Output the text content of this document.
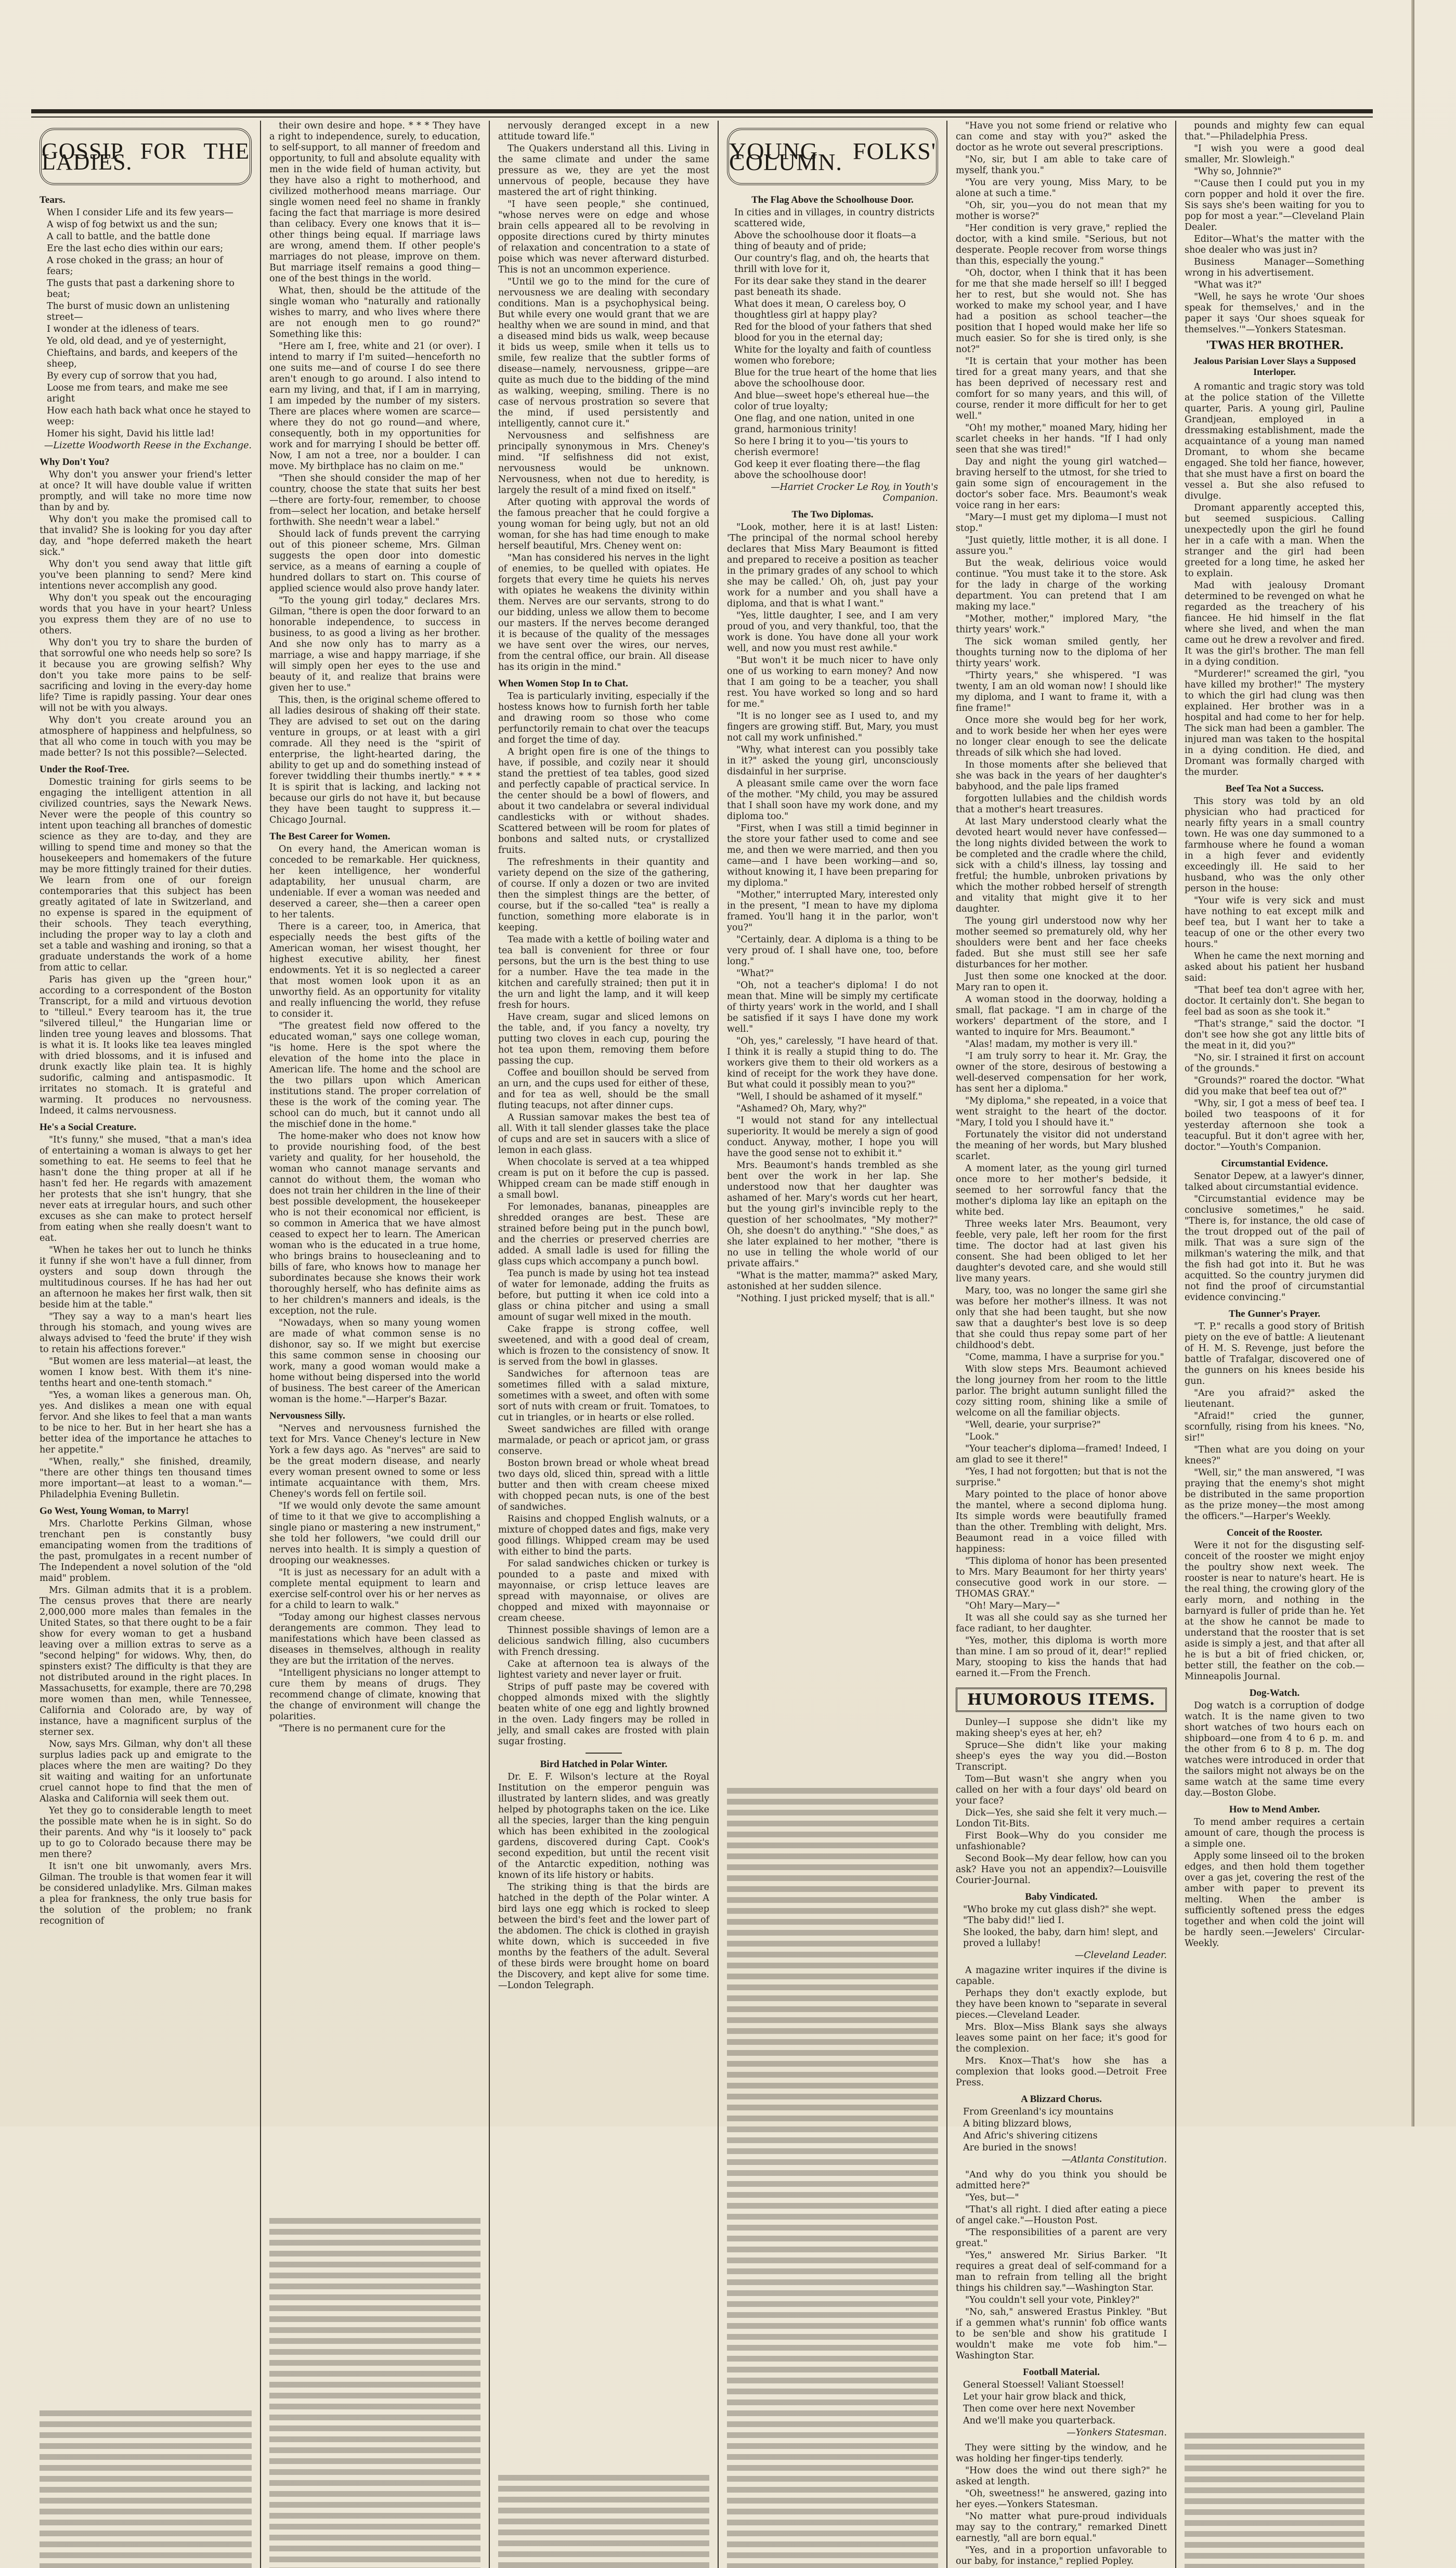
GOSSIP FOR THE LADIES.
Tears.

When I consider Life and its few years—

A wisp of fog betwixt us and the sun;

A call to battle, and the battle done

Ere the last echo dies within our ears;

A rose choked in the grass; an hour of fears;

The gusts that past a darkening shore to beat;

The burst of music down an unlistening street—

I wonder at the idleness of tears.

Ye old, old dead, and ye of yesternight,

Chieftains, and bards, and keepers of the sheep,

By every cup of sorrow that you had,

Loose me from tears, and make me see aright

How each hath back what once he stayed to weep:

Homer his sight, David his little lad!

—Lizette Woodworth Reese in the Exchange.

Why Don't You?

Why don't you answer your friend's letter at once? It will have double value if written promptly, and will take no more time now than by and by.

Why don't you make the promised call to that invalid? She is looking for you day after day, and "hope deferred maketh the heart sick."

Why don't you send away that little gift you've been planning to send? Mere kind intentions never accomplish any good.

Why don't you speak out the encouraging words that you have in your heart? Unless you express them they are of no use to others.

Why don't you try to share the burden of that sorrowful one who needs help so sore? Is it because you are growing selfish? Why don't you take more pains to be self-sacrificing and loving in the every-day home life? Time is rapidly passing. Your dear ones will not be with you always.

Why don't you create around you an atmosphere of happiness and helpfulness, so that all who come in touch with you may be made better? Is not this possible?—Selected.

Under the Roof-Tree.

Domestic training for girls seems to be engaging the intelligent attention in all civilized countries, says the Newark News. Never were the people of this country so intent upon teaching all branches of domestic science as they are to-day, and they are willing to spend time and money so that the housekeepers and homemakers of the future may be more fittingly trained for their duties. We learn from one of our foreign contemporaries that this subject has been greatly agitated of late in Switzerland, and no expense is spared in the equipment of their schools. They teach everything, including the proper way to lay a cloth and set a table and washing and ironing, so that a graduate understands the work of a home from attic to cellar.

Paris has given up the "green hour," according to a correspondent of the Boston Transcript, for a mild and virtuous devotion to "tilleul." Every tearoom has it, the true "silvered tilleul," the Hungarian lime or linden tree young leaves and blossoms. That is what it is. It looks like tea leaves mingled with dried blossoms, and it is infused and drunk exactly like plain tea. It is highly sudorific, calming and antispasmodic. It irritates no stomach. It is grateful and warming. It produces no nervousness. Indeed, it calms nervousness.

He's a Social Creature.

"It's funny," she mused, "that a man's idea of entertaining a woman is always to get her something to eat. He seems to feel that he hasn't done the thing proper at all if he hasn't fed her. He regards with amazement her protests that she isn't hungry, that she never eats at irregular hours, and such other excuses as she can make to protect herself from eating when she really doesn't want to eat.

"When he takes her out to lunch he thinks it funny if she won't have a full dinner, from oysters and soup down through the multitudinous courses. If he has had her out an afternoon he makes her first walk, then sit beside him at the table."

"They say a way to a man's heart lies through his stomach, and young wives are always advised to 'feed the brute' if they wish to retain his affections forever."

"But women are less material—at least, the women I know best. With them it's nine-tenths heart and one-tenth stomach."

"Yes, a woman likes a generous man. Oh, yes. And dislikes a mean one with equal fervor. And she likes to feel that a man wants to be nice to her. But in her heart she has a better idea of the importance he attaches to her appetite."

"When, really," she finished, dreamily, "there are other things ten thousand times more important—at least to a woman."—Philadelphia Evening Bulletin.

Go West, Young Woman, to Marry!

Mrs. Charlotte Perkins Gilman, whose trenchant pen is constantly busy emancipating women from the traditions of the past, promulgates in a recent number of The Independent a novel solution of the "old maid" problem.

Mrs. Gilman admits that it is a problem. The census proves that there are nearly 2,000,000 more males than females in the United States, so that there ought to be a fair show for every woman to get a husband leaving over a million extras to serve as a "second helping" for widows. Why, then, do spinsters exist? The difficulty is that they are not distributed around in the right places. In Massachusetts, for example, there are 70,298 more women than men, while Tennessee, California and Colorado are, by way of instance, have a magnificent surplus of the sterner sex.

Now, says Mrs. Gilman, why don't all these surplus ladies pack up and emigrate to the places where the men are waiting? Do they sit waiting and waiting for an unfortunate cruel cannot hope to find that the men of Alaska and California will seek them out.

Yet they go to considerable length to meet the possible mate when he is in sight. So do their parents. And why "is it loosely to" pack up to go to Colorado because there may be men there?

It isn't one bit unwomanly, avers Mrs. Gilman. The trouble is that women fear it will be considered unladylike. Mrs. Gilman makes a plea for frankness, the only true basis for the solution of the problem; no frank recognition of

their own desire and hope. * * * They have a right to independence, surely, to education, to self-support, to all manner of freedom and opportunity, to full and absolute equality with men in the wide field of human activity, but they have also a right to motherhood, and civilized motherhood means marriage. Our single women need feel no shame in frankly facing the fact that marriage is more desired than celibacy. Every one knows that it is—other things being equal. If marriage laws are wrong, amend them. If other people's marriages do not please, improve on them. But marriage itself remains a good thing—one of the best things in the world.

What, then, should be the attitude of the single woman who "naturally and rationally wishes to marry, and who lives where there are not enough men to go round?" Something like this:

"Here am I, free, white and 21 (or over). I intend to marry if I'm suited—henceforth no one suits me—and of course I do see there aren't enough to go around. I also intend to earn my living, and that, if I am in marrying, I am impeded by the number of my sisters. There are places where women are scarce—where they do not go round—and where, consequently, both in my opportunities for work and for marrying I should be better off. Now, I am not a tree, nor a boulder. I can move. My birthplace has no claim on me."

"Then she should consider the map of her country, choose the state that suits her best—there are forty-four, remember, to choose from—select her location, and betake herself forthwith. She needn't wear a label."

Should lack of funds prevent the carrying out of this pioneer scheme, Mrs. Gilman suggests the open door into domestic service, as a means of earning a couple of hundred dollars to start on. This course of applied science would also prove handy later.

"To the young girl today," declares Mrs. Gilman, "there is open the door forward to an honorable independence, to success in business, to as good a living as her brother. And she now only has to marry as a marriage, a wise and happy marriage, if she will simply open her eyes to the use and beauty of it, and realize that brains were given her to use."

This, then, is the original scheme offered to all ladies desirous of shaking off their state. They are advised to set out on the daring venture in groups, or at least with a girl comrade. All they need is the "spirit of enterprise, the light-hearted daring, the ability to get up and do something instead of forever twiddling their thumbs inertly." * * * It is spirit that is lacking, and lacking not because our girls do not have it, but because they have been taught to suppress it.—Chicago Journal.

The Best Career for Women.

On every hand, the American woman is conceded to be remarkable. Her quickness, her keen intelligence, her wonderful adaptability, her unusual charm, are undeniable. If ever a woman was needed and deserved a career, she—then a career open to her talents.

There is a career, too, in America, that especially needs the best gifts of the American woman, her wisest thought, her highest executive ability, her finest endowments. Yet it is so neglected a career that most women look upon it as an unworthy field. As an opportunity for vitality and really influencing the world, they refuse to consider it.

"The greatest field now offered to the educated woman," says one college woman, "is home. Here is the spot where the elevation of the home into the place in American life. The home and the school are the two pillars upon which American institutions stand. The proper correlation of these is the work of the coming year. The school can do much, but it cannot undo all the mischief done in the home."

The home-maker who does not know how to provide nourishing food, of the best variety and quality, for her household, the woman who cannot manage servants and cannot do without them, the woman who does not train her children in the line of their best possible development, the housekeeper who is not their economical nor efficient, is so common in America that we have almost ceased to expect her to learn. The American woman who is the educated in a true home, who brings brains to housecleaning and to bills of fare, who knows how to manage her subordinates because she knows their work thoroughly herself, who has definite aims as to her children's manners and ideals, is the exception, not the rule.

"Nowadays, when so many young women are made of what common sense is no dishonor, say so. If we might but exercise this same common sense in choosing our work, many a good woman would make a home without being dispersed into the world of business. The best career of the American woman is the home."—Harper's Bazar.

Nervousness Silly.

"Nerves and nervousness furnished the text for Mrs. Vance Cheney's lecture in New York a few days ago. As "nerves" are said to be the great modern disease, and nearly every woman present owned to some or less intimate acquaintance with them, Mrs. Cheney's words fell on fertile soil.

"If we would only devote the same amount of time to it that we give to accomplishing a single piano or mastering a new instrument," she told her followers, "we could drill our nerves into health. It is simply a question of drooping our weaknesses.

"It is just as necessary for an adult with a complete mental equipment to learn and exercise self-control over his or her nerves as for a child to learn to walk."

"Today among our highest classes nervous derangements are common. They lead to manifestations which have been classed as diseases in themselves, although in reality they are but the irritation of the nerves.

"Intelligent physicians no longer attempt to cure them by means of drugs. They recommend change of climate, knowing that the change of environment will change the polarities.

"There is no permanent cure for the

nervously deranged except in a new attitude toward life."

The Quakers understand all this. Living in the same climate and under the same pressure as we, they are yet the most unnervous of people, because they have mastered the art of right thinking.

"I have seen people," she continued, "whose nerves were on edge and whose brain cells appeared all to be revolving in opposite directions cured by thirty minutes of relaxation and concentration to a state of poise which was never afterward disturbed. This is not an uncommon experience.

"Until we go to the mind for the cure of nervousness we are dealing with secondary conditions. Man is a psychophysical being. But while every one would grant that we are healthy when we are sound in mind, and that a diseased mind bids us walk, weep because it bids us weep, smile when it tells us to smile, few realize that the subtler forms of disease—namely, nervousness, grippe—are quite as much due to the bidding of the mind as walking, weeping, smiling. There is no case of nervous prostration so severe that the mind, if used persistently and intelligently, cannot cure it."

Nervousness and selfishness are principally synonymous in Mrs. Cheney's mind. "If selfishness did not exist, nervousness would be unknown. Nervousness, when not due to heredity, is largely the result of a mind fixed on itself."

After quoting with approval the words of the famous preacher that he could forgive a young woman for being ugly, but not an old woman, for she has had time enough to make herself beautiful, Mrs. Cheney went on:

"Man has considered his nerves in the light of enemies, to be quelled with opiates. He forgets that every time he quiets his nerves with opiates he weakens the divinity within them. Nerves are our servants, strong to do our bidding, unless we allow them to become our masters. If the nerves become deranged it is because of the quality of the messages we have sent over the wires, our nerves, from the central office, our brain. All disease has its origin in the mind."

When Women Stop In to Chat.

Tea is particularly inviting, especially if the hostess knows how to furnish forth her table and drawing room so those who come perfunctorily remain to chat over the teacups and forget the time of day.

A bright open fire is one of the things to have, if possible, and cozily near it should stand the prettiest of tea tables, good sized and perfectly capable of practical service. In the center should be a bowl of flowers, and about it two candelabra or several individual candlesticks with or without shades. Scattered between will be room for plates of bonbons and salted nuts, or crystallized fruits.

The refreshments in their quantity and variety depend on the size of the gathering, of course. If only a dozen or two are invited then the simplest things are the better, of course, but if the so-called "tea" is really a function, something more elaborate is in keeping.

Tea made with a kettle of boiling water and tea ball is convenient for three or four persons, but the urn is the best thing to use for a number. Have the tea made in the kitchen and carefully strained; then put it in the urn and light the lamp, and it will keep fresh for hours.

Have cream, sugar and sliced lemons on the table, and, if you fancy a novelty, try putting two cloves in each cup, pouring the hot tea upon them, removing them before passing the cup.

Coffee and bouillon should be served from an urn, and the cups used for either of these, and for tea as well, should be the small fluting teacups, not after dinner cups.

A Russian samovar makes the best tea of all. With it tall slender glasses take the place of cups and are set in saucers with a slice of lemon in each glass.

When chocolate is served at a tea whipped cream is put on it before the cup is passed. Whipped cream can be made stiff enough in a small bowl.

For lemonades, bananas, pineapples are shredded oranges are best. These are strained before being put in the punch bowl, and the cherries or preserved cherries are added. A small ladle is used for filling the glass cups which accompany a punch bowl.

Tea punch is made by using hot tea instead of water for lemonade, adding the fruits as before, but putting it when ice cold into a glass or china pitcher and using a small amount of sugar well mixed in the mouth.

Cake frappe is strong coffee, well sweetened, and with a good deal of cream, which is frozen to the consistency of snow. It is served from the bowl in glasses.

Sandwiches for afternoon teas are sometimes filled with a salad mixture, sometimes with a sweet, and often with some sort of nuts with cream or fruit. Tomatoes, to cut in triangles, or in hearts or else rolled.

Sweet sandwiches are filled with orange marmalade, or peach or apricot jam, or grass conserve.

Boston brown bread or whole wheat bread two days old, sliced thin, spread with a little butter and then with cream cheese mixed with chopped pecan nuts, is one of the best of sandwiches.

Raisins and chopped English walnuts, or a mixture of chopped dates and figs, make very good fillings. Whipped cream may be used with either to bind the parts.

For salad sandwiches chicken or turkey is pounded to a paste and mixed with mayonnaise, or crisp lettuce leaves are spread with mayonnaise, or olives are chopped and mixed with mayonnaise or cream cheese.

Thinnest possible shavings of lemon are a delicious sandwich filling, also cucumbers with French dressing.

Cake at afternoon tea is always of the lightest variety and never layer or fruit.

Strips of puff paste may be covered with chopped almonds mixed with the slightly beaten white of one egg and lightly browned in the oven. Lady fingers may be rolled in jelly, and small cakes are frosted with plain sugar frosting.

Bird Hatched in Polar Winter.

Dr. E. F. Wilson's lecture at the Royal Institution on the emperor penguin was illustrated by lantern slides, and was greatly helped by photographs taken on the ice. Like all the species, larger than the king penguin which has been exhibited in the zoological gardens, discovered during Capt. Cook's second expedition, but until the recent visit of the Antarctic expedition, nothing was known of its life history or habits.

The striking thing is that the birds are hatched in the depth of the Polar winter. A bird lays one egg which is rocked to sleep between the bird's feet and the lower part of the abdomen. The chick is clothed in grayish white down, which is succeeded in five months by the feathers of the adult. Several of these birds were brought home on board the Discovery, and kept alive for some time.—London Telegraph.

YOUNG FOLKS' COLUMN.
The Flag Above the Schoolhouse Door.

In cities and in villages, in country districts scattered wide,

Above the schoolhouse door it floats—a thing of beauty and of pride;

Our country's flag, and oh, the hearts that thrill with love for it,

For its dear sake they stand in the dearer past beneath its shade.

What does it mean, O careless boy, O thoughtless girl at happy play?

Red for the blood of your fathers that shed blood for you in the eternal day;

White for the loyalty and faith of countless women who forebore;

Blue for the true heart of the home that lies above the schoolhouse door.

And blue—sweet hope's ethereal hue—the color of true loyalty;

One flag, and one nation, united in one grand, harmonious trinity!

So here I bring it to you—'tis yours to cherish evermore!

God keep it ever floating there—the flag above the schoolhouse door!

—Harriet Crocker Le Roy, in Youth's Companion.

The Two Diplomas.

"Look, mother, here it is at last! Listen: 'The principal of the normal school hereby declares that Miss Mary Beaumont is fitted and prepared to receive a position as teacher in the primary grades of any school to which she may be called.' Oh, oh, just pay your work for a number and you shall have a diploma, and that is what I want."

"Yes, little daughter, I see, and I am very proud of you, and very thankful, too, that the work is done. You have done all your work well, and now you must rest awhile."

"But won't it be much nicer to have only one of us working to earn money? And now that I am going to be a teacher, you shall rest. You have worked so long and so hard for me."

"It is no longer see as I used to, and my fingers are growing stiff. But, Mary, you must not call my work unfinished."

"Why, what interest can you possibly take in it?" asked the young girl, unconsciously disdainful in her surprise.

A pleasant smile came over the worn face of the mother. "My child, you may be assured that I shall soon have my work done, and my diploma too."

"First, when I was still a timid beginner in the store your father used to come and see me, and then we were married, and then you came—and I have been working—and so, without knowing it, I have been preparing for my diploma."

"Mother," interrupted Mary, interested only in the present, "I mean to have my diploma framed. You'll hang it in the parlor, won't you?"

"Certainly, dear. A diploma is a thing to be very proud of. I shall have one, too, before long."

"What?"

"Oh, not a teacher's diploma! I do not mean that. Mine will be simply my certificate of thirty years' work in the world, and I shall be satisfied if it says I have done my work well."

"Oh, yes," carelessly, "I have heard of that. I think it is really a stupid thing to do. The workers give them to their old workers as a kind of receipt for the work they have done. But what could it possibly mean to you?"

"Well, I should be ashamed of it myself."

"Ashamed? Oh, Mary, why?"

"I would not stand for any intellectual superiority. It would be merely a sign of good conduct. Anyway, mother, I hope you will have the good sense not to exhibit it."

Mrs. Beaumont's hands trembled as she bent over the work in her lap. She understood now that her daughter was ashamed of her. Mary's words cut her heart, but the young girl's invincible reply to the question of her schoolmates, "My mother?" Oh, she doesn't do anything." "She does," as she later explained to her mother, "there is no use in telling the whole world of our private affairs."

"What is the matter, mamma?" asked Mary, astonished at her sudden silence.

"Nothing. I just pricked myself; that is all."

"Have you not some friend or relative who can come and stay with you?" asked the doctor as he wrote out several prescriptions.

"No, sir, but I am able to take care of myself, thank you."

"You are very young, Miss Mary, to be alone at such a time."

"Oh, sir, you—you do not mean that my mother is worse?"

"Her condition is very grave," replied the doctor, with a kind smile. "Serious, but not desperate. People recover from worse things than this, especially the young."

"Oh, doctor, when I think that it has been for me that she made herself so ill! I begged her to rest, but she would not. She has worked to make my school year, and I have had a position as school teacher—the position that I hoped would make her life so much easier. So for she is tired only, is she not?"

"It is certain that your mother has been tired for a great many years, and that she has been deprived of necessary rest and comfort for so many years, and this will, of course, render it more difficult for her to get well."

"Oh! my mother," moaned Mary, hiding her scarlet cheeks in her hands. "If I had only seen that she was tired!"

Day and night the young girl watched—braving herself to the utmost, for she tried to gain some sign of encouragement in the doctor's sober face. Mrs. Beaumont's weak voice rang in her ears:

"Mary—I must get my diploma—I must not stop."

"Just quietly, little mother, it is all done. I assure you."

But the weak, delirious voice would continue. "You must take it to the store. Ask for the lady in charge of the working department. You can pretend that I am making my lace."

"Mother, mother," implored Mary, "the thirty years' work."

The sick woman smiled gently, her thoughts turning now to the diploma of her thirty years' work.

"Thirty years," she whispered. "I was twenty, I am an old woman now! I should like my diploma, and I want to frame it, with a fine frame!"

Once more she would beg for her work, and to work beside her when her eyes were no longer clear enough to see the delicate threads of silk which she had loved.

In those moments after she believed that she was back in the years of her daughter's babyhood, and the pale lips framed

forgotten lullabies and the childish words that a mother's heart treasures.

At last Mary understood clearly what the devoted heart would never have confessed—the long nights divided between the work to be completed and the cradle where the child, sick with a child's illness, lay tossing and fretful; the humble, unbroken privations by which the mother robbed herself of strength and vitality that might give it to her daughter.

The young girl understood now why her mother seemed so prematurely old, why her shoulders were bent and her face cheeks faded. But she must still see her safe disturbances for her mother.

Just then some one knocked at the door. Mary ran to open it.

A woman stood in the doorway, holding a small, flat package. "I am in charge of the workers' department of the store, and I wanted to inquire for Mrs. Beaumont."

"Alas! madam, my mother is very ill."

"I am truly sorry to hear it. Mr. Gray, the owner of the store, desirous of bestowing a well-deserved compensation for her work, has sent her a diploma."

"My diploma," she repeated, in a voice that went straight to the heart of the doctor. "Mary, I told you I should have it."

Fortunately the visitor did not understand the meaning of her words, but Mary blushed scarlet.

A moment later, as the young girl turned once more to her mother's bedside, it seemed to her sorrowful fancy that the mother's diploma lay like an epitaph on the white bed.

Three weeks later Mrs. Beaumont, very feeble, very pale, left her room for the first time. The doctor had at last given his consent. She had been obliged to let her daughter's devoted care, and she would still live many years.

Mary, too, was no longer the same girl she was before her mother's illness. It was not only that she had been taught, but she now saw that a daughter's best love is so deep that she could thus repay some part of her childhood's debt.

"Come, mamma, I have a surprise for you."

With slow steps Mrs. Beaumont achieved the long journey from her room to the little parlor. The bright autumn sunlight filled the cozy sitting room, shining like a smile of welcome on all the familiar objects.

"Well, dearie, your surprise?"

"Look."

"Your teacher's diploma—framed! Indeed, I am glad to see it there!"

"Yes, I had not forgotten; but that is not the surprise."

Mary pointed to the place of honor above the mantel, where a second diploma hung. Its simple words were beautifully framed than the other. Trembling with delight, Mrs. Beaumont read in a voice filled with happiness:

"This diploma of honor has been presented to Mrs. Mary Beaumont for her thirty years' consecutive good work in our store. —THOMAS GRAY."

"Oh! Mary—Mary—"

It was all she could say as she turned her face radiant, to her daughter.

"Yes, mother, this diploma is worth more than mine. I am so proud of it, dear!" replied Mary, stooping to kiss the hands that had earned it.—From the French.

HUMOROUS ITEMS.

Dunley—I suppose she didn't like my making sheep's eyes at her, eh?

Spruce—She didn't like your making sheep's eyes the way you did.—Boston Transcript.

Tom—But wasn't she angry when you called on her with a four days' old beard on your face?

Dick—Yes, she said she felt it very much.—London Tit-Bits.

First Book—Why do you consider me unfashionable?

Second Book—My dear fellow, how can you ask? Have you not an appendix?—Louisville Courier-Journal.

Baby Vindicated.

"Who broke my cut glass dish?" she wept. "The baby did!" lied I.

She looked, the baby, darn him! slept, and proved a lullaby!

—Cleveland Leader.

A magazine writer inquires if the divine is capable.

Perhaps they don't exactly explode, but they have been known to "separate in several pieces.—Cleveland Leader.

Mrs. Blox—Miss Blank says she always leaves some paint on her face; it's good for the complexion.

Mrs. Knox—That's how she has a complexion that looks good.—Detroit Free Press.

A Blizzard Chorus.

From Greenland's icy mountains

A biting blizzard blows,

And Afric's shivering citizens

Are buried in the snows!

—Atlanta Constitution.

"And why do you think you should be admitted here?"

"Yes, but—"

"That's all right. I died after eating a piece of angel cake."—Houston Post.

"The responsibilities of a parent are very great."

"Yes," answered Mr. Sirius Barker. "It requires a great deal of self-command for a man to refrain from telling all the bright things his children say."—Washington Star.

"You couldn't sell your vote, Pinkley?"

"No, sah," answered Erastus Pinkley. "But if a gemmen what's runnin' fob office wants to be sen'ble and show his gratitude I wouldn't make me vote fob him."—Washington Star.

Football Material.

General Stoessel! Valiant Stoessel!

Let your hair grow black and thick,

Then come over here next November

And we'll make you quarterback.

—Yonkers Statesman.

They were sitting by the window, and he was holding her finger-tips tenderly.

"How does the wind out there sigh?" he asked at length.

"Oh, sweetness!" he answered, gazing into her eyes.—Yonkers Statesman.

"No matter what pure-proud individuals may say to the contrary," remarked Dinett earnestly, "all are born equal."

"Yes, and in a proportion unfavorable to our baby, for instance," replied Popley.

pounds and mighty few can equal that."—Philadelphia Press.

"I wish you were a good deal smaller, Mr. Slowleigh."

"Why so, Johnnie?"

"'Cause then I could put you in my corn popper and hold it over the fire. Sis says she's been waiting for you to pop for most a year."—Cleveland Plain Dealer.

Editor—What's the matter with the shoe dealer who was just in?

Business Manager—Something wrong in his advertisement.

"What was it?"

"Well, he says he wrote 'Our shoes speak for themselves,' and in the paper it says 'Our shoes squeak for themselves.'"—Yonkers Statesman.

'TWAS HER BROTHER.
Jealous Parisian Lover Slays a Supposed Interloper.

A romantic and tragic story was told at the police station of the Villette quarter, Paris. A young girl, Pauline Grandjean, employed in a dressmaking establishment, made the acquaintance of a young man named Dromant, to whom she became engaged. She told her fiance, however, that she must have a first on board the vessel a. But she also refused to divulge.

Dromant apparently accepted this, but seemed suspicious. Calling unexpectedly upon the girl he found her in a cafe with a man. When the stranger and the girl had been greeted for a long time, he asked her to explain.

Mad with jealousy Dromant determined to be revenged on what he regarded as the treachery of his fiancee. He hid himself in the flat where she lived, and when the man came out he drew a revolver and fired. It was the girl's brother. The man fell in a dying condition.

"Murderer!" screamed the girl, "you have killed my brother!" The mystery to which the girl had clung was then explained. Her brother was in a hospital and had come to her for help. The sick man had been a gambler. The injured man was taken to the hospital in a dying condition. He died, and Dromant was formally charged with the murder.

Beef Tea Not a Success.

This story was told by an old physician who had practiced for nearly fifty years in a small country town. He was one day summoned to a farmhouse where he found a woman in a high fever and evidently exceedingly ill. He said to her husband, who was the only other person in the house:

"Your wife is very sick and must have nothing to eat except milk and beef tea, but I want her to take a teacup of one or the other every two hours."

When he came the next morning and asked about his patient her husband said:

"That beef tea don't agree with her, doctor. It certainly don't. She began to feel bad as soon as she took it."

"That's strange," said the doctor. "I don't see how she got any little bits of the meat in it, did you?"

"No, sir. I strained it first on account of the grounds."

"Grounds?" roared the doctor. "What did you make that beef tea out of?"

"Why, sir, I got a mess of beef tea. I boiled two teaspoons of it for yesterday afternoon she took a teacupful. But it don't agree with her, doctor."—Youth's Companion.

Circumstantial Evidence.

Senator Depew, at a lawyer's dinner, talked about circumstantial evidence.

"Circumstantial evidence may be conclusive sometimes," he said. "There is, for instance, the old case of the trout dropped out of the pail of milk. That was a sure sign of the milkman's watering the milk, and that the fish had got into it. But he was acquitted. So the country jurymen did not find the proof of circumstantial evidence convincing."

The Gunner's Prayer.

"T. P." recalls a good story of British piety on the eve of battle: A lieutenant of H. M. S. Revenge, just before the battle of Trafalgar, discovered one of the gunners on his knees beside his gun.

"Are you afraid?" asked the lieutenant.

"Afraid!" cried the gunner, scornfully, rising from his knees. "No, sir!"

"Then what are you doing on your knees?"

"Well, sir," the man answered, "I was praying that the enemy's shot might be distributed in the same proportion as the prize money—the most among the officers."—Harper's Weekly.

Conceit of the Rooster.

Were it not for the disgusting self-conceit of the rooster we might enjoy the poultry show next week. The rooster is near to nature's heart. He is the real thing, the crowing glory of the early morn, and nothing in the barnyard is fuller of pride than he. Yet at the show he cannot be made to understand that the rooster that is set aside is simply a jest, and that after all he is but a bit of fried chicken, or, better still, the feather on the cob.—Minneapolis Journal.

Dog-Watch.

Dog watch is a corruption of dodge watch. It is the name given to two short watches of two hours each on shipboard—one from 4 to 6 p. m. and the other from 6 to 8 p. m. The dog watches were introduced in order that the sailors might not always be on the same watch at the same time every day.—Boston Globe.

How to Mend Amber.

To mend amber requires a certain amount of care, though the process is a simple one.

Apply some linseed oil to the broken edges, and then hold them together over a gas jet, covering the rest of the amber with paper to prevent its melting. When the amber is sufficiently softened press the edges together and when cold the joint will be hardly seen.—Jewelers' Circular-Weekly.
